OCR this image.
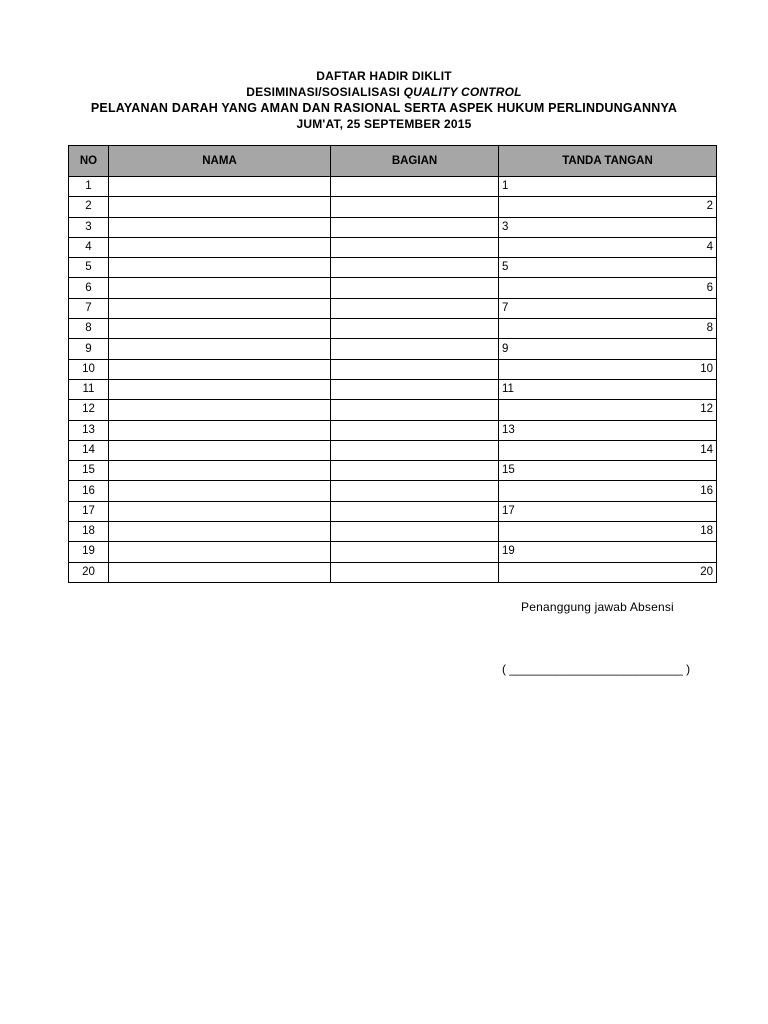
DAFTAR HADIR DIKLIT
DESIMINASI/SOSIALISASI QUALITY CONTROL
PELAYANAN DARAH YANG AMAN DAN RASIONAL SERTA ASPEK HUKUM PERLINDUNGANNYA
JUM'AT, 25 SEPTEMBER 2015
NO	NAMA	BAGIAN	TANDA TANGAN
1			1
2			2
3			3
4			4
5			5
6			6
7			7
8			8
9			9
10			10
11			11
12			12
13			13
14			14
15			15
16			16
17			17
18			18
19			19
20			20
Penanggung jawab Absensi
( __________________________ )
